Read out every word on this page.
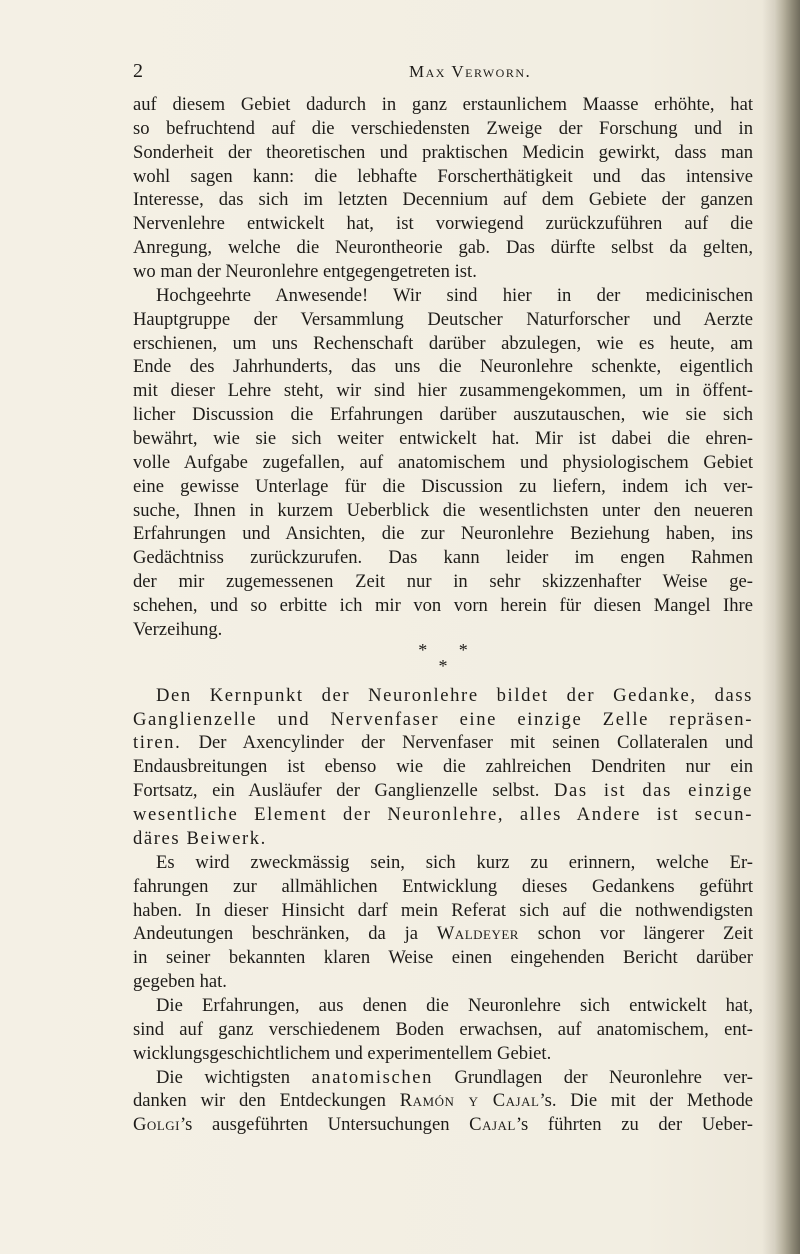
2	Max Verworn.
auf diesem Gebiet dadurch in ganz erstaunlichem Maasse erhöhte, hat
so befruchtend auf die verschiedensten Zweige der Forschung und in
Sonderheit der theoretischen und praktischen Medicin gewirkt, dass man
wohl sagen kann: die lebhafte Forscherthätigkeit und das intensive
Interesse, das sich im letzten Decennium auf dem Gebiete der ganzen
Nervenlehre entwickelt hat, ist vorwiegend zurückzuführen auf die
Anregung, welche die Neurontheorie gab. Das dürfte selbst da gelten,
wo man der Neuronlehre entgegengetreten ist.
Hochgeehrte Anwesende! Wir sind hier in der medicinischen
Hauptgruppe der Versammlung Deutscher Naturforscher und Aerzte
erschienen, um uns Rechenschaft darüber abzulegen, wie es heute, am
Ende des Jahrhunderts, das uns die Neuronlehre schenkte, eigentlich
mit dieser Lehre steht, wir sind hier zusammengekommen, um in öffent-
licher Discussion die Erfahrungen darüber auszutauschen, wie sie sich
bewährt, wie sie sich weiter entwickelt hat. Mir ist dabei die ehren-
volle Aufgabe zugefallen, auf anatomischem und physiologischem Gebiet
eine gewisse Unterlage für die Discussion zu liefern, indem ich ver-
suche, Ihnen in kurzem Ueberblick die wesentlichsten unter den neueren
Erfahrungen und Ansichten, die zur Neuronlehre Beziehung haben, ins
Gedächtniss zurückzurufen. Das kann leider im engen Rahmen
der mir zugemessenen Zeit nur in sehr skizzenhafter Weise ge-
schehen, und so erbitte ich mir von vorn herein für diesen Mangel Ihre
Verzeihung.
*       *
*
Den Kernpunkt der Neuronlehre bildet der Gedanke, dass
Ganglienzelle und Nervenfaser eine einzige Zelle repräsen-
tiren. Der Axencylinder der Nervenfaser mit seinen Collateralen und
Endausbreitungen ist ebenso wie die zahlreichen Dendriten nur ein
Fortsatz, ein Ausläufer der Ganglienzelle selbst. Das ist das einzige
wesentliche Element der Neuronlehre, alles Andere ist secun-
däres Beiwerk.
Es wird zweckmässig sein, sich kurz zu erinnern, welche Er-
fahrungen zur allmählichen Entwicklung dieses Gedankens geführt
haben. In dieser Hinsicht darf mein Referat sich auf die nothwendigsten
Andeutungen beschränken, da ja Waldeyer schon vor längerer Zeit
in seiner bekannten klaren Weise einen eingehenden Bericht darüber
gegeben hat.
Die Erfahrungen, aus denen die Neuronlehre sich entwickelt hat,
sind auf ganz verschiedenem Boden erwachsen, auf anatomischem, ent-
wicklungsgeschichtlichem und experimentellem Gebiet.
Die wichtigsten anatomischen Grundlagen der Neuronlehre ver-
danken wir den Entdeckungen Ramón y Cajal’s. Die mit der Methode
Golgi’s ausgeführten Untersuchungen Cajal’s führten zu der Ueber-
